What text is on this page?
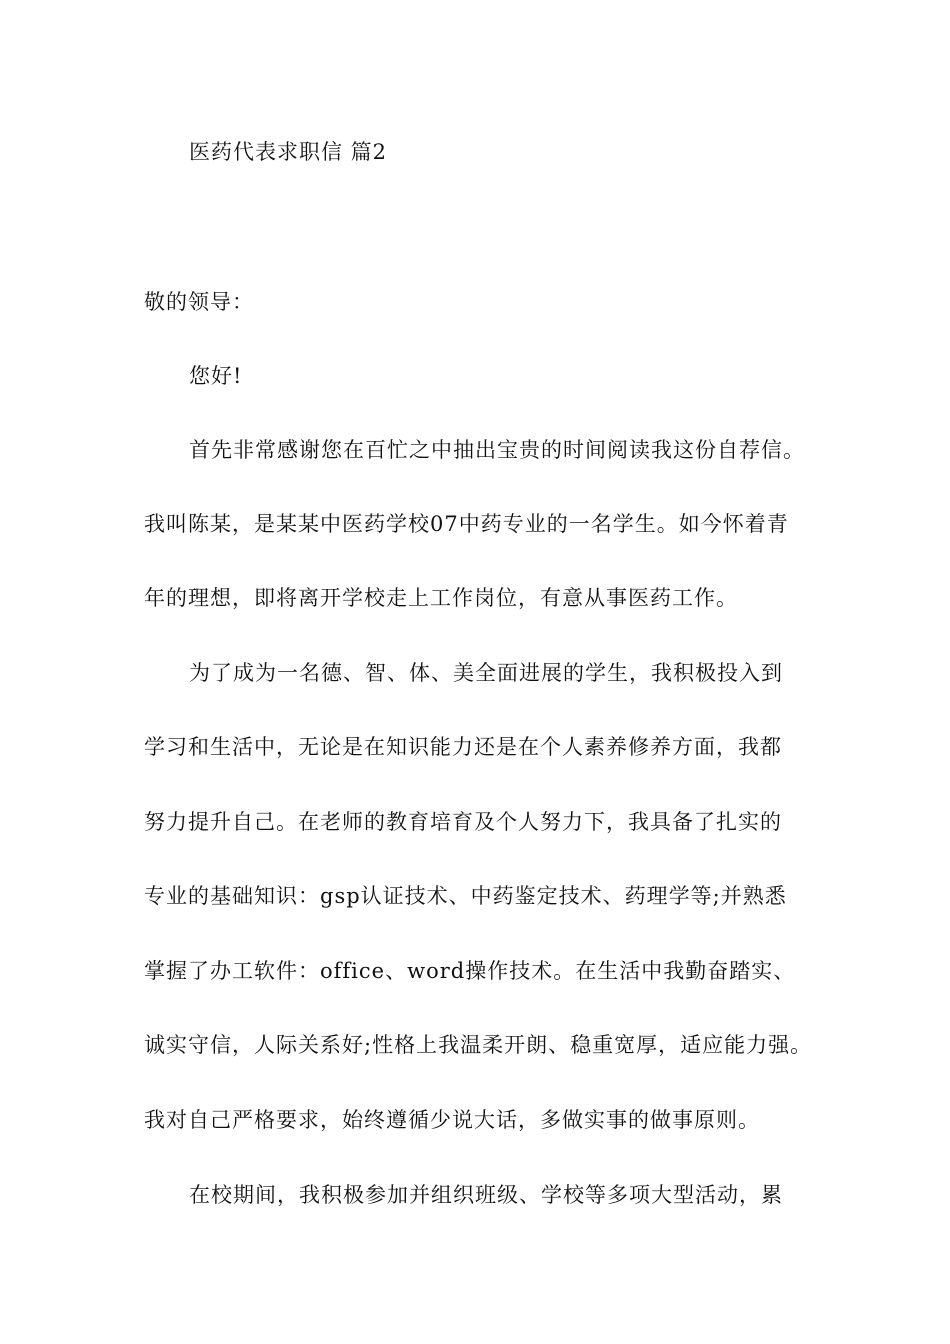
医药代表求职信 篇2
敬的领导：
您好!
首先非常感谢您在百忙之中抽出宝贵的时间阅读我这份自荐信。
我叫陈某，是某某中医药学校07中药专业的一名学生。如今怀着青
年的理想，即将离开学校走上工作岗位，有意从事医药工作。
为了成为一名德、智、体、美全面进展的学生，我积极投入到
学习和生活中，无论是在知识能力还是在个人素养修养方面，我都
努力提升自己。在老师的教育培育及个人努力下，我具备了扎实的
专业的基础知识：gsp认证技术、中药鉴定技术、药理学等;并熟悉
掌握了办工软件：office、word操作技术。在生活中我勤奋踏实、
诚实守信，人际关系好;性格上我温柔开朗、稳重宽厚，适应能力强。
我对自己严格要求，始终遵循少说大话，多做实事的做事原则。
在校期间，我积极参加并组织班级、学校等多项大型活动，累
